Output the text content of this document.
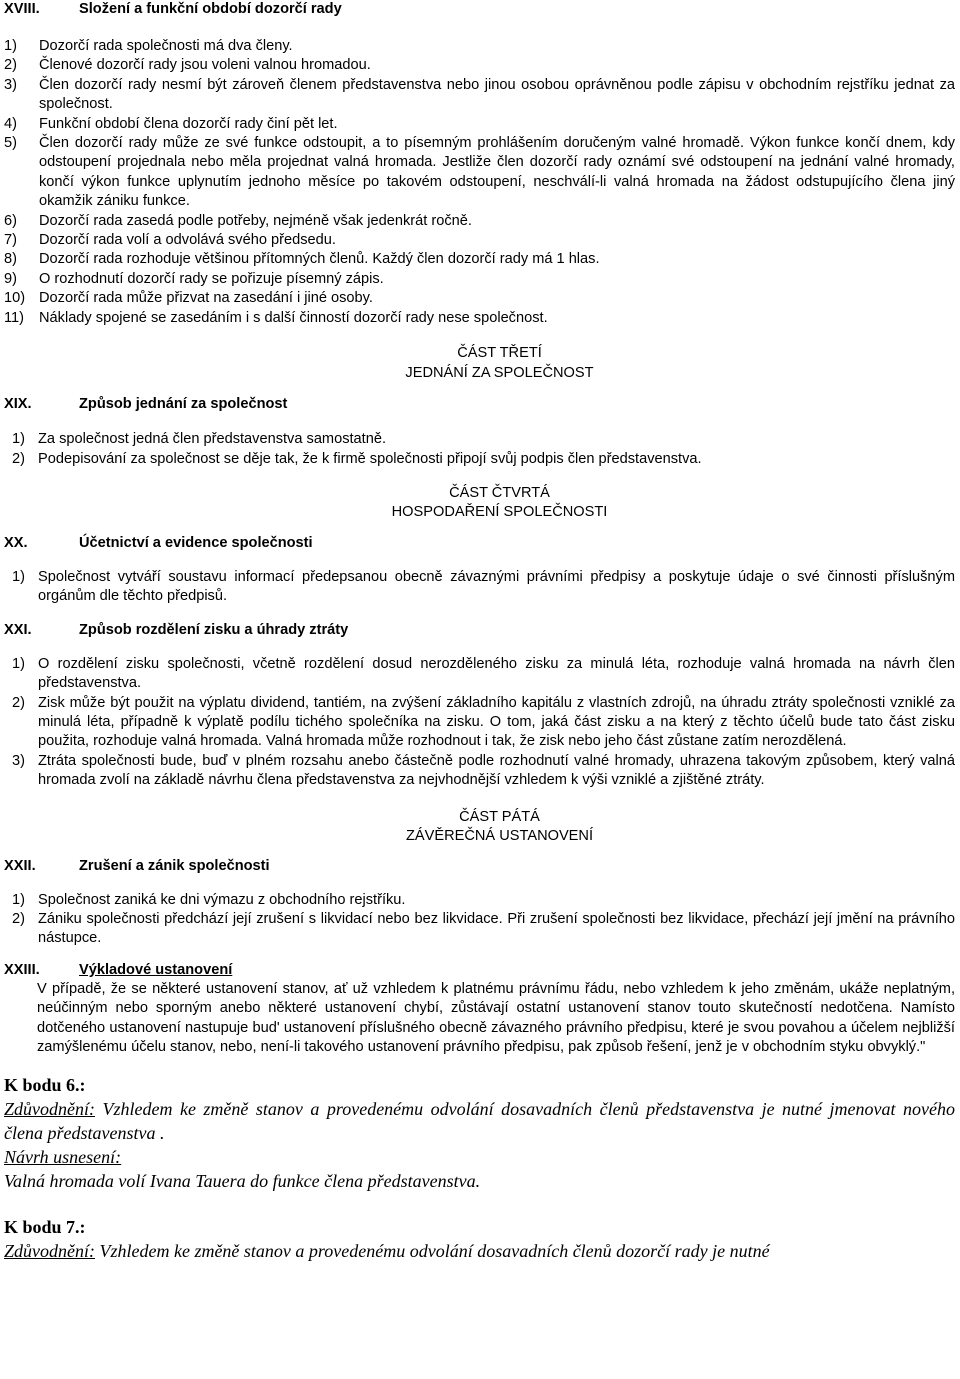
XVIII.	Složení a funkční období dozorčí rady
1) Dozorčí rada společnosti má dva členy.
2) Členové dozorčí rady jsou voleni valnou hromadou.
3) Člen dozorčí rady nesmí být zároveň členem představenstva nebo jinou osobou oprávněnou podle zápisu v obchodním rejstříku jednat za společnost.
4) Funkční období člena dozorčí rady činí pět let.
5) Člen dozorčí rady může ze své funkce odstoupit, a to písemným prohlášením doručeným valné hromadě. Výkon funkce končí dnem, kdy odstoupení projednala nebo měla projednat valná hromada. Jestliže člen dozorčí rady oznámí své odstoupení na jednání valné hromady, končí výkon funkce uplynutím jednoho měsíce po takovém odstoupení, neschválí-li valná hromada na žádost odstupujícího člena jiný okamžik zániku funkce.
6) Dozorčí rada zasedá podle potřeby, nejméně však jedenkrát ročně.
7) Dozorčí rada volí a odvolává svého předsedu.
8) Dozorčí rada rozhoduje většinou přítomných členů. Každý člen dozorčí rady má 1 hlas.
9) O rozhodnutí dozorčí rady se pořizuje písemný zápis.
10) Dozorčí rada může přizvat na zasedání i jiné osoby.
11) Náklady spojené se zasedáním i s další činností dozorčí rady nese společnost.
ČÁST TŘETÍ
JEDNÁNÍ ZA SPOLEČNOST
XIX.	Způsob jednání za společnost
1) Za společnost jedná člen představenstva samostatně.
2) Podepisování za společnost se děje tak, že k firmě společnosti připojí svůj podpis člen představenstva.
ČÁST ČTVRTÁ
HOSPODAŘENÍ SPOLEČNOSTI
XX.	Účetnictví a evidence společnosti
1) Společnost vytváří soustavu informací předepsanou obecně závaznými právními předpisy a poskytuje údaje o své činnosti příslušným orgánům dle těchto předpisů.
XXI.	Způsob rozdělení zisku a úhrady ztráty
1) O rozdělení zisku společnosti, včetně rozdělení dosud nerozděleného zisku za minulá léta, rozhoduje valná hromada na návrh člen představenstva.
2) Zisk může být použit na výplatu dividend, tantiém, na zvýšení základního kapitálu z vlastních zdrojů, na úhradu ztráty společnosti vzniklé za minulá léta, případně k výplatě podílu tichého společníka na zisku. O tom, jaká část zisku a na který z těchto účelů bude tato část zisku použita, rozhoduje valná hromada. Valná hromada může rozhodnout i tak, že zisk nebo jeho část zůstane zatím nerozdělená.
3) Ztráta společnosti bude, buď v plném rozsahu anebo částečně podle rozhodnutí valné hromady, uhrazena takovým způsobem, který valná hromada zvolí na základě návrhu člena představenstva za nejvhodnější vzhledem k výši vzniklé a zjištěné ztráty.
ČÁST PÁTÁ
ZÁVĚREČNÁ USTANOVENÍ
XXII.	Zrušení a zánik společnosti
1) Společnost zaniká ke dni výmazu z obchodního rejstříku.
2) Zániku společnosti předchází její zrušení s likvidací nebo bez likvidace. Při zrušení společnosti bez likvidace, přechází její jmění na právního nástupce.
XXIII.	Výkladové ustanovení
V případě, že se některé ustanovení stanov, ať už vzhledem k platnému právnímu řádu, nebo vzhledem k jeho změnám, ukáže neplatným, neúčinným nebo sporným anebo některé ustanovení chybí, zůstávají ostatní ustanovení stanov touto skutečností nedotčena. Namísto dotčeného ustanovení nastupuje bud' ustanovení příslušného obecně závazného právního předpisu, které je svou povahou a účelem nejbližší zamýšlenému účelu stanov, nebo, není-li takového ustanovení právního předpisu, pak způsob řešení, jenž je v obchodním styku obvyklý."
K bodu 6.:
Zdůvodnění: Vzhledem ke změně stanov a provedenému odvolání dosavadních členů představenstva je nutné jmenovat nového člena představenstva .
Návrh usnesení:
Valná hromada volí Ivana Tauera do funkce člena představenstva.
K bodu 7.:
Zdůvodnění: Vzhledem ke změně stanov a provedenému odvolání dosavadních členů dozorčí rady je nutné
